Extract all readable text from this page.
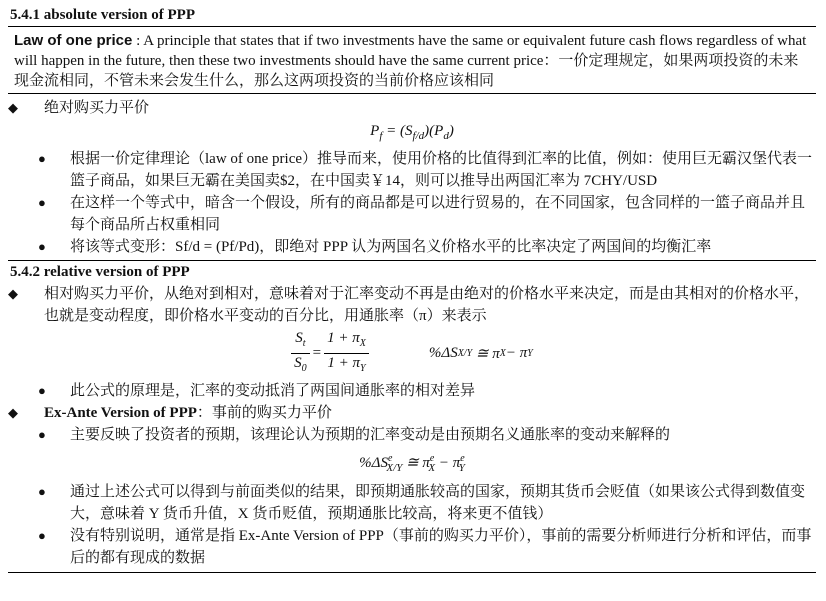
5.4.1 absolute version of PPP
Law of one price : A principle that states that if two investments have the same or equivalent future cash flows regardless of what will happen in the future, then these two investments should have the same current price：一价定理规定，如果两项投资的未来现金流相同，不管未来会发生什么，那么这两项投资的当前价格应该相同
◆	绝对购买力平价
$P_f = (S_{f/d})(P_d)$
●	根据一价定律理论（law of one price）推导而来，使用价格的比值得到汇率的比值，例如：使用巨无霸汉堡代表一篮子商品，如果巨无霸在美国卖$2，在中国卖￥14，则可以推导出两国汇率为 7CHY/USD
●	在这样一个等式中，暗含一个假设，所有的商品都是可以进行贸易的，在不同国家，包含同样的一篮子商品并且每个商品所占权重相同
●	将该等式变形：Sf/d = (Pf/Pd)，即绝对 PPP 认为两国名义价格水平的比率决定了两国间的均衡汇率
5.4.2 relative version of PPP
◆	相对购买力平价，从绝对到相对，意味着对于汇率变动不再是由绝对的价格水平来决定，而是由其相对的价格水平，也就是变动程度，即价格水平变动的百分比，用通胀率（π）来表示
$S_t$
$S_0$
=
$1 + \pi_X$
$1 + \pi_Y$
%ΔS X/Y ≅ π X − π Y
●	此公式的原理是，汇率的变动抵消了两国间通胀率的相对差异
◆	Ex-Ante Version of PPP：事前的购买力平价
●	主要反映了投资者的预期，该理论认为预期的汇率变动是由预期名义通胀率的变动来解释的
$\%\Delta S^e_{X/Y}$ ≅ $\pi^e_X - \pi^e_Y$
●	通过上述公式可以得到与前面类似的结果，即预期通胀较高的国家，预期其货币会贬值（如果该公式得到数值变大，意味着 Y 货币升值，X 货币贬值，预期通胀比较高，将来更不值钱）
●	没有特别说明，通常是指 Ex-Ante Version of PPP（事前的购买力平价），事前的需要分析师进行分析和评估，而事后的都有现成的数据
